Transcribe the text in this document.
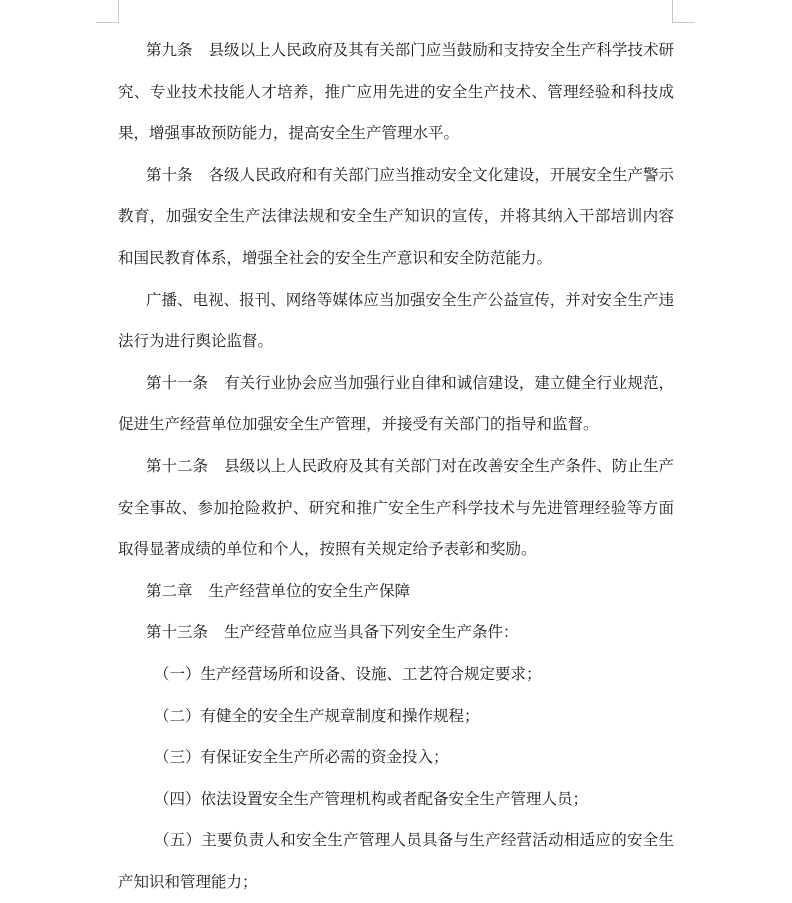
第九条 县级以上人民政府及其有关部门应当鼓励和支持安全生产科学技术研究、专业技术技能人才培养，推广应用先进的安全生产技术、管理经验和科技成果，增强事故预防能力，提高安全生产管理水平。

第十条 各级人民政府和有关部门应当推动安全文化建设，开展安全生产警示教育，加强安全生产法律法规和安全生产知识的宣传，并将其纳入干部培训内容和国民教育体系，增强全社会的安全生产意识和安全防范能力。

广播、电视、报刊、网络等媒体应当加强安全生产公益宣传，并对安全生产违法行为进行舆论监督。

第十一条 有关行业协会应当加强行业自律和诚信建设，建立健全行业规范，促进生产经营单位加强安全生产管理，并接受有关部门的指导和监督。

第十二条 县级以上人民政府及其有关部门对在改善安全生产条件、防止生产安全事故、参加抢险救护、研究和推广安全生产科学技术与先进管理经验等方面取得显著成绩的单位和个人，按照有关规定给予表彰和奖励。

第二章 生产经营单位的安全生产保障

第十三条 生产经营单位应当具备下列安全生产条件：

（一）生产经营场所和设备、设施、工艺符合规定要求；

（二）有健全的安全生产规章制度和操作规程；

（三）有保证安全生产所必需的资金投入；

（四）依法设置安全生产管理机构或者配备安全生产管理人员；

（五）主要负责人和安全生产管理人员具备与生产经营活动相适应的安全生产知识和管理能力；
